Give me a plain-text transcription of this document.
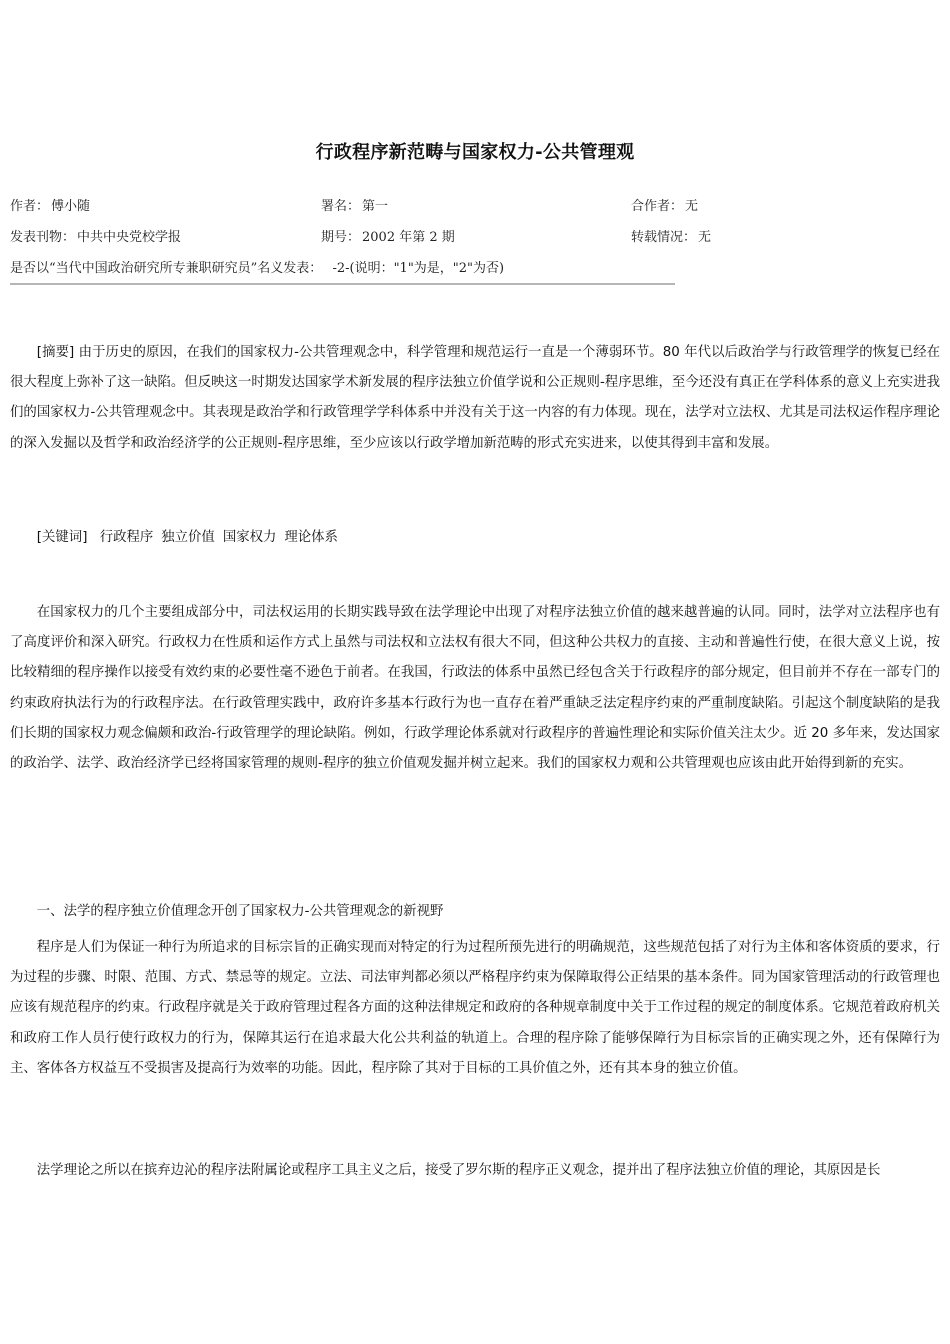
行政程序新范畴与国家权力-公共管理观
作者： 傅小随	署名： 第一	合作者： 无
发表刊物： 中共中央党校学报	期号： 2002 年第 2 期	转载情况： 无
是否以“当代中国政治研究所专兼职研究员”名义发表： -2-(说明："1"为是，"2"为否)

[摘要] 由于历史的原因，在我们的国家权力-公共管理观念中，科学管理和规范运行一直是一个薄弱环节。80 年代以后政治学与行政管理学的恢复已经在很大程度上弥补了这一缺陷。但反映这一时期发达国家学术新发展的程序法独立价值学说和公正规则-程序思维，至今还没有真正在学科体系的意义上充实进我们的国家权力-公共管理观念中。其表现是政治学和行政管理学学科体系中并没有关于这一内容的有力体现。现在，法学对立法权、尤其是司法权运作程序理论的深入发掘以及哲学和政治经济学的公正规则-程序思维，至少应该以行政学增加新范畴的形式充实进来，以使其得到丰富和发展。

[关键词] 行政程序 独立价值 国家权力 理论体系

在国家权力的几个主要组成部分中，司法权运用的长期实践导致在法学理论中出现了对程序法独立价值的越来越普遍的认同。同时，法学对立法程序也有了高度评价和深入研究。行政权力在性质和运作方式上虽然与司法权和立法权有很大不同，但这种公共权力的直接、主动和普遍性行使，在很大意义上说，按比较精细的程序操作以接受有效约束的必要性毫不逊色于前者。在我国，行政法的体系中虽然已经包含关于行政程序的部分规定，但目前并不存在一部专门的约束政府执法行为的行政程序法。在行政管理实践中，政府许多基本行政行为也一直存在着严重缺乏法定程序约束的严重制度缺陷。引起这个制度缺陷的是我们长期的国家权力观念偏颇和政治-行政管理学的理论缺陷。例如，行政学理论体系就对行政程序的普遍性理论和实际价值关注太少。近 20 多年来，发达国家的政治学、法学、政治经济学已经将国家管理的规则-程序的独立价值观发掘并树立起来。我们的国家权力观和公共管理观也应该由此开始得到新的充实。

一、法学的程序独立价值理念开创了国家权力-公共管理观念的新视野

程序是人们为保证一种行为所追求的目标宗旨的正确实现而对特定的行为过程所预先进行的明确规范，这些规范包括了对行为主体和客体资质的要求，行为过程的步骤、时限、范围、方式、禁忌等的规定。立法、司法审判都必须以严格程序约束为保障取得公正结果的基本条件。同为国家管理活动的行政管理也应该有规范程序的约束。行政程序就是关于政府管理过程各方面的这种法律规定和政府的各种规章制度中关于工作过程的规定的制度体系。它规范着政府机关和政府工作人员行使行政权力的行为，保障其运行在追求最大化公共利益的轨道上。合理的程序除了能够保障行为目标宗旨的正确实现之外，还有保障行为主、客体各方权益互不受损害及提高行为效率的功能。因此，程序除了其对于目标的工具价值之外，还有其本身的独立价值。

法学理论之所以在摈弃边沁的程序法附属论或程序工具主义之后，接受了罗尔斯的程序正义观念，提并出了程序法独立价值的理论，其原因是长
